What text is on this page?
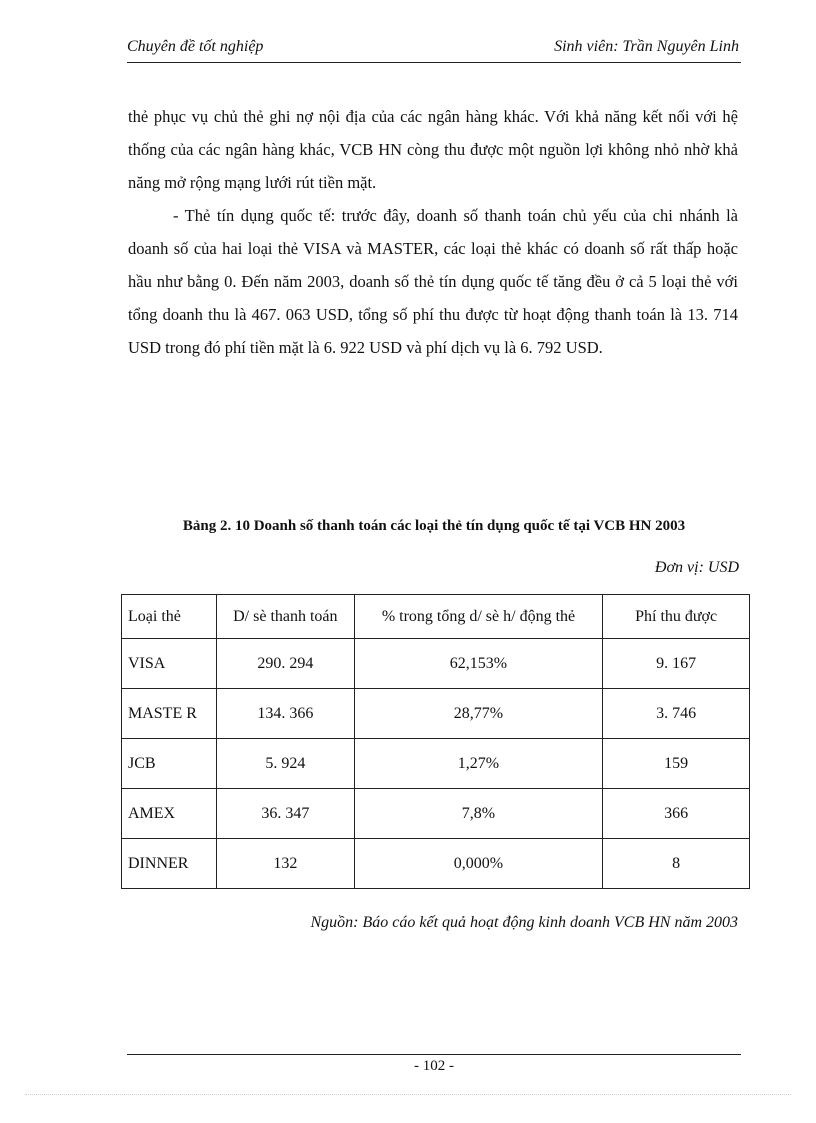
Chuyên đề tốt nghiệp	Sinh viên: Trần Nguyên Linh

thẻ phục vụ chủ thẻ ghi nợ nội địa của các ngân hàng khác. Với khả năng kết nối với hệ thống của các ngân hàng khác, VCB HN còng thu được một nguồn lợi không nhỏ nhờ khả năng mở rộng mạng lưới rút tiền mặt.

- Thẻ tín dụng quốc tế: trước đây, doanh số thanh toán chủ yếu của chi nhánh là doanh số của hai loại thẻ VISA và MASTER, các loại thẻ khác có doanh số rất thấp hoặc hầu như bằng 0. Đến năm 2003, doanh số thẻ tín dụng quốc tế tăng đều ở cả 5 loại thẻ với tổng doanh thu là 467. 063 USD, tổng số phí thu được từ hoạt động thanh toán là 13. 714 USD trong đó phí tiền mặt là 6. 922 USD và phí dịch vụ là 6. 792 USD.

Bảng 2. 10 Doanh số thanh toán các loại thẻ tín dụng quốc tế tại VCB HN 2003
Đơn vị: USD
Loại thẻ	D/ sè thanh toán	% trong tổng d/ sè h/ động thẻ	Phí thu được
VISA	290. 294	62,153%	9. 167
MASTE R	134. 366	28,77%	3. 746
JCB	5. 924	1,27%	159
AMEX	36. 347	7,8%	366
DINNER	132	0,000%	8
Nguồn: Báo cáo kết quả hoạt động kinh doanh VCB HN năm 2003
- 102 -
